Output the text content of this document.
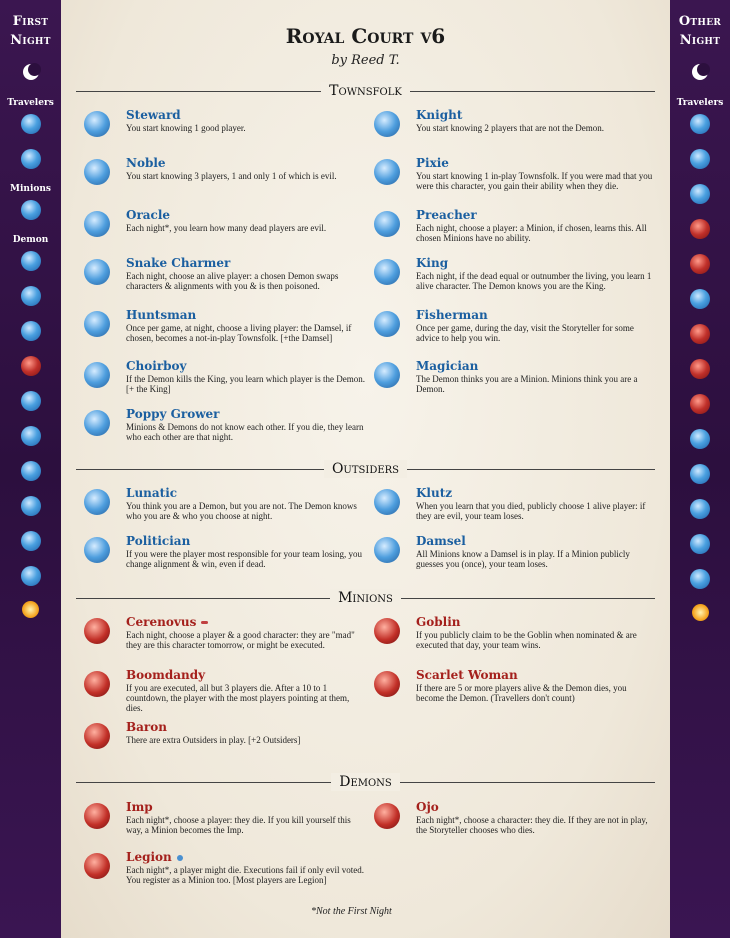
First
Night
Travelers
Minions
Demon
Other
Night
Travelers
Royal Court v6
by Reed T.
Townsfolk
Steward
You start knowing 1 good player.
Knight
You start knowing 2 players that are not the Demon.
Noble
You start knowing 3 players, 1 and only 1 of which is evil.
Pixie
You start knowing 1 in-play Townsfolk. If you were mad that you were this character, you gain their ability when they die.
Oracle
Each night*, you learn how many dead players are evil.
Preacher
Each night, choose a player: a Minion, if chosen, learns this. All chosen Minions have no ability.
Snake Charmer
Each night, choose an alive player: a chosen Demon swaps characters & alignments with you & is then poisoned.
King
Each night, if the dead equal or outnumber the living, you learn 1 alive character. The Demon knows you are the King.
Huntsman
Once per game, at night, choose a living player: the Damsel, if chosen, becomes a not-in-play Townsfolk. [+the Damsel]
Fisherman
Once per game, during the day, visit the Storyteller for some advice to help you win.
Choirboy
If the Demon kills the King, you learn which player is the Demon. [+ the King]
Magician
The Demon thinks you are a Minion. Minions think you are a Demon.
Poppy Grower
Minions & Demons do not know each other. If you die, they learn who each other are that night.
Outsiders
Lunatic
You think you are a Demon, but you are not. The Demon knows who you are & who you choose at night.
Klutz
When you learn that you died, publicly choose 1 alive player: if they are evil, your team loses.
Politician
If you were the player most responsible for your team losing, you change alignment & win, even if dead.
Damsel
All Minions know a Damsel is in play. If a Minion publicly guesses you (once), your team loses.
Minions
Cerenovus
Each night, choose a player & a good character: they are "mad" they are this character tomorrow, or might be executed.
Goblin
If you publicly claim to be the Goblin when nominated & are executed that day, your team wins.
Boomdandy
If you are executed, all but 3 players die. After a 10 to 1 countdown, the player with the most players pointing at them, dies.
Scarlet Woman
If there are 5 or more players alive & the Demon dies, you become the Demon. (Travellers don't count)
Baron
There are extra Outsiders in play. [+2 Outsiders]
Demons
Imp
Each night*, choose a player: they die. If you kill yourself this way, a Minion becomes the Imp.
Ojo
Each night*, choose a character: they die. If they are not in play, the Storyteller chooses who dies.
Legion
Each night*, a player might die. Executions fail if only evil voted. You register as a Minion too. [Most players are Legion]
*Not the First Night
